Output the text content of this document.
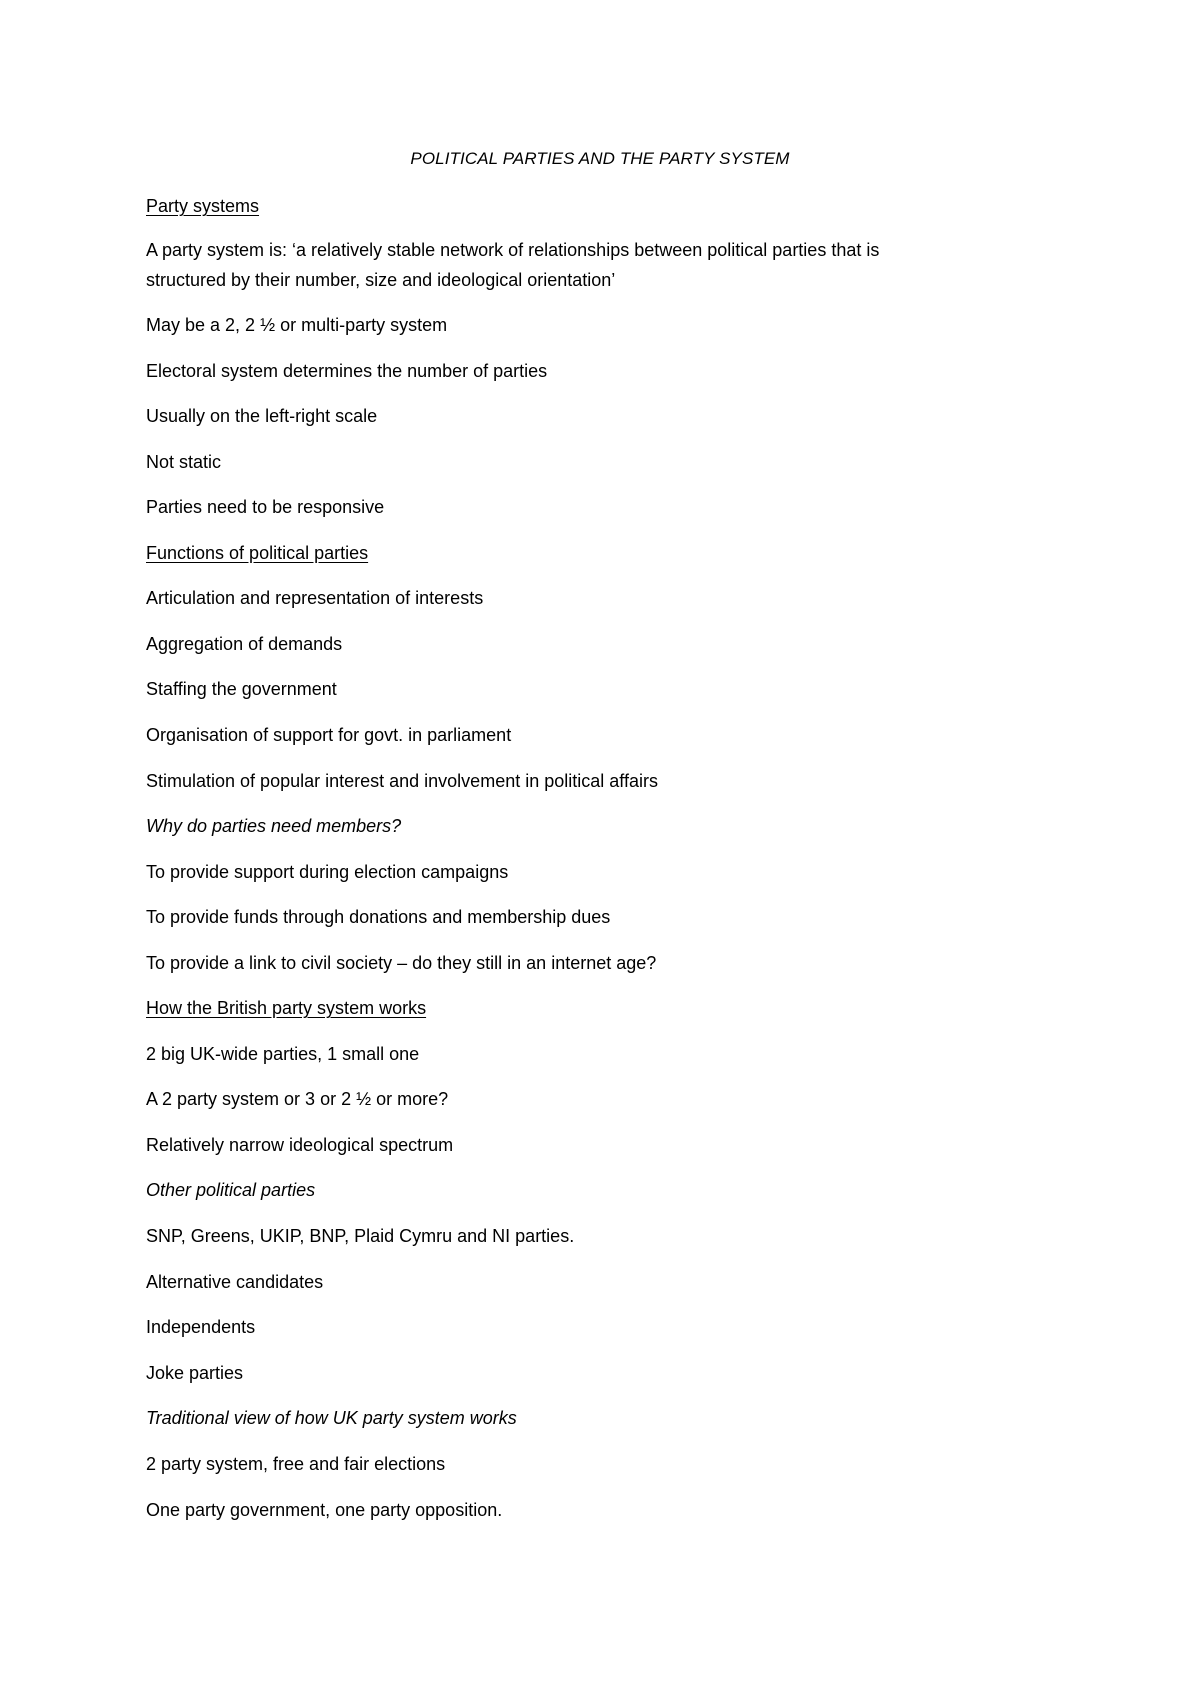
POLITICAL PARTIES AND THE PARTY SYSTEM
Party systems
A party system is: ‘a relatively stable network of relationships between political parties that is
structured by their number, size and ideological orientation’
May be a 2, 2 ½ or multi-party system
Electoral system determines the number of parties
Usually on the left-right scale
Not static
Parties need to be responsive
Functions of political parties
Articulation and representation of interests
Aggregation of demands
Staffing the government
Organisation of support for govt. in parliament
Stimulation of popular interest and involvement in political affairs
Why do parties need members?
To provide support during election campaigns
To provide funds through donations and membership dues
To provide a link to civil society – do they still in an internet age?
How the British party system works
2 big UK-wide parties, 1 small one
A 2 party system or 3 or 2 ½ or more?
Relatively narrow ideological spectrum
Other political parties
SNP, Greens, UKIP, BNP, Plaid Cymru and NI parties.
Alternative candidates
Independents
Joke parties
Traditional view of how UK party system works
2 party system, free and fair elections
One party government, one party opposition.
